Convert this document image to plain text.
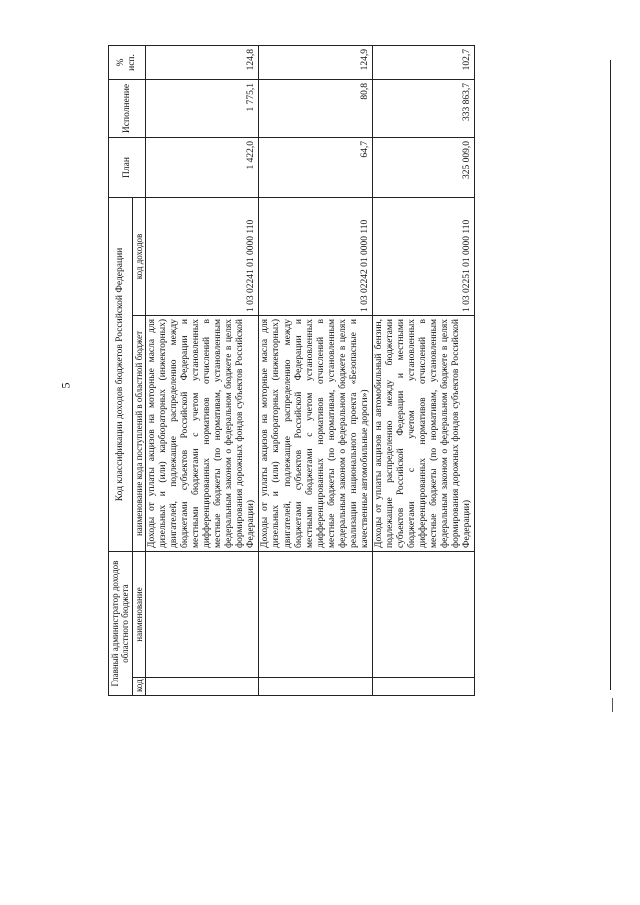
5
Главный администратор доходов областного бюджета		Код классификации доходов бюджетов Российской Федерации		План	Исполнение	% исп.
код	наименование	наименование кода поступлений в областной бюджет	код доходов			
		Доходы от уплаты акцизов на моторные масла для дизельных и (или) карбюраторных (инжекторных) двигателей, подлежащие распределению между бюджетами субъектов Российской Федерации и местными бюджетами с учетом установленных дифференцированных нормативов отчислений в местные бюджеты (по нормативам, установленным федеральным законом о федеральном бюджете в целях формирования дорожных фондов субъектов Российской Федерации)	1 03 02241 01 0000 110	1 422,0	1 775,1	124,8
		Доходы от уплаты акцизов на моторные масла для дизельных и (или) карбюраторных (инжекторных) двигателей, подлежащие распределению между бюджетами субъектов Российской Федерации и местными бюджетами с учетом установленных дифференцированных нормативов отчислений в местные бюджеты (по нормативам, установленным федеральным законом о федеральном бюджете в целях реализации национального проекта «Безопасные и качественные автомобильные дороги»)	1 03 02242 01 0000 110	64,7	80,8	124,9
		Доходы от уплаты акцизов на автомобильный бензин, подлежащие распределению между бюджетами субъектов Российской Федерации и местными бюджетами с учетом установленных дифференцированных нормативов отчислений в местные бюджеты (по нормативам, установленным федеральным законом о федеральном бюджете в целях формирования дорожных фондов субъектов Российской Федерации)	1 03 02251 01 0000 110	325 009,0	333 863,7	102,7
